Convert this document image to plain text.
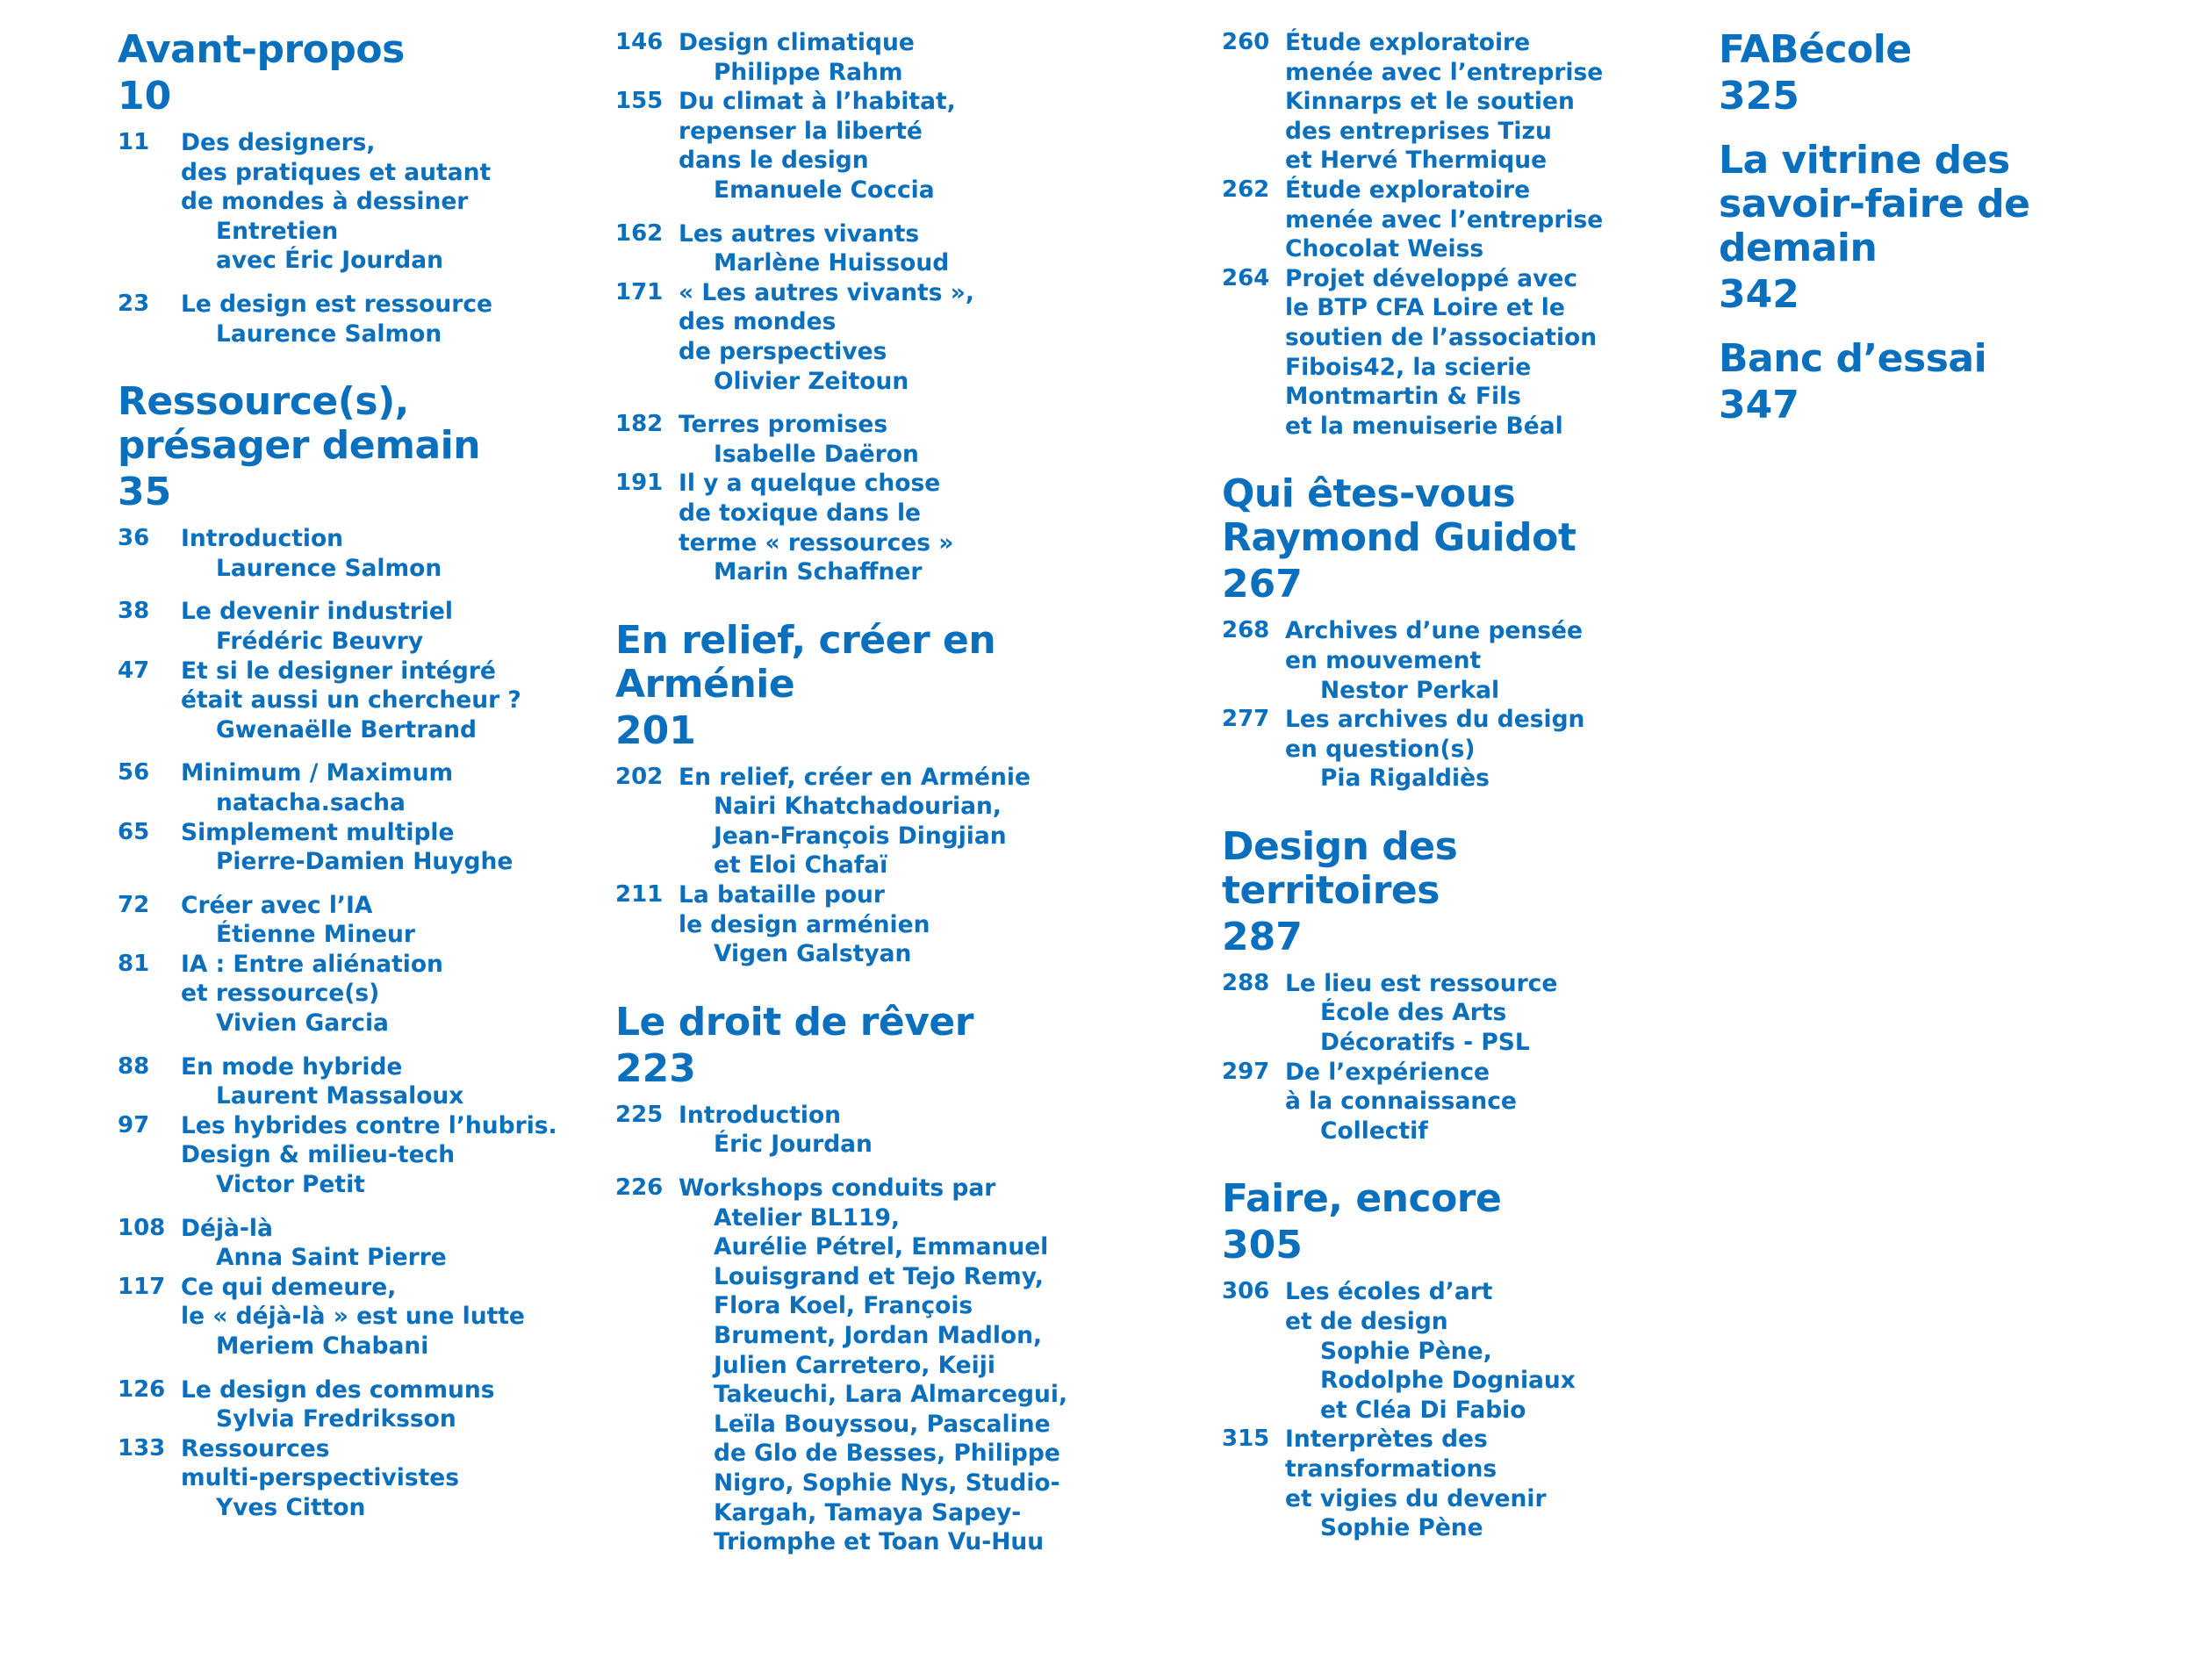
Avant-propos
10
11	Des designers,
des pratiques et autant
de mondes à dessiner
Entretien
avec Éric Jourdan
23	Le design est ressource
Laurence Salmon
Ressource(s), présager demain
35
36	Introduction
Laurence Salmon
38	Le devenir industriel
Frédéric Beuvry
47	Et si le designer intégré
était aussi un chercheur ?
Gwenaëlle Bertrand
56	Minimum / Maximum
natacha.sacha
65	Simplement multiple
Pierre-Damien Huyghe
72	Créer avec l’IA
Étienne Mineur
81	IA : Entre aliénation
et ressource(s)
Vivien Garcia
88	En mode hybride
Laurent Massaloux
97	Les hybrides contre l’hubris.
Design & milieu-tech
Victor Petit
108 Déjà-là
Anna Saint Pierre
117 Ce qui demeure,
le « déjà-là » est une lutte
Meriem Chabani
126 Le design des communs
Sylvia Fredriksson
133 Ressources
multi-perspectivistes
Yves Citton
146 Design climatique
Philippe Rahm
155 Du climat à l’habitat,
repenser la liberté
dans le design
Emanuele Coccia
162 Les autres vivants
Marlène Huissoud
171 « Les autres vivants »,
des mondes
de perspectives
Olivier Zeitoun
182 Terres promises
Isabelle Daëron
191 Il y a quelque chose
de toxique dans le
terme « ressources »
Marin Schaffner
En relief, créer en Arménie
201
202 En relief, créer en Arménie
Nairi Khatchadourian,
Jean-François Dingjian
et Eloi Chafaï
211 La bataille pour
le design arménien
Vigen Galstyan
Le droit de rêver
223
225 Introduction
Éric Jourdan
226 Workshops conduits par
Atelier BL119,
Aurélie Pétrel, Emmanuel
Louisgrand et Tejo Remy,
Flora Koel, François
Brument, Jordan Madlon,
Julien Carretero, Keiji
Takeuchi, Lara Almarcegui,
Leïla Bouyssou, Pascaline
de Glo de Besses, Philippe
Nigro, Sophie Nys, Studio-
Kargah, Tamaya Sapey-
Triomphe et Toan Vu-Huu
260 Étude exploratoire
menée avec l’entreprise
Kinnarps et le soutien
des entreprises Tizu
et Hervé Thermique
262 Étude exploratoire
menée avec l’entreprise
Chocolat Weiss
264 Projet développé avec
le BTP CFA Loire et le
soutien de l’association
Fibois42, la scierie
Montmartin & Fils
et la menuiserie Béal
Qui êtes-vous Raymond Guidot
267
268 Archives d’une pensée
en mouvement
Nestor Perkal
277 Les archives du design
en question(s)
Pia Rigaldiès
Design des territoires
287
288 Le lieu est ressource
École des Arts
Décoratifs - PSL
297 De l’expérience
à la connaissance
Collectif
Faire, encore
305
306 Les écoles d’art
et de design
Sophie Pène,
Rodolphe Dogniaux
et Cléa Di Fabio
315 Interprètes des
transformations
et vigies du devenir
Sophie Pène
FABécole
325
La vitrine des savoir-faire de demain
342
Banc d’essai
347
